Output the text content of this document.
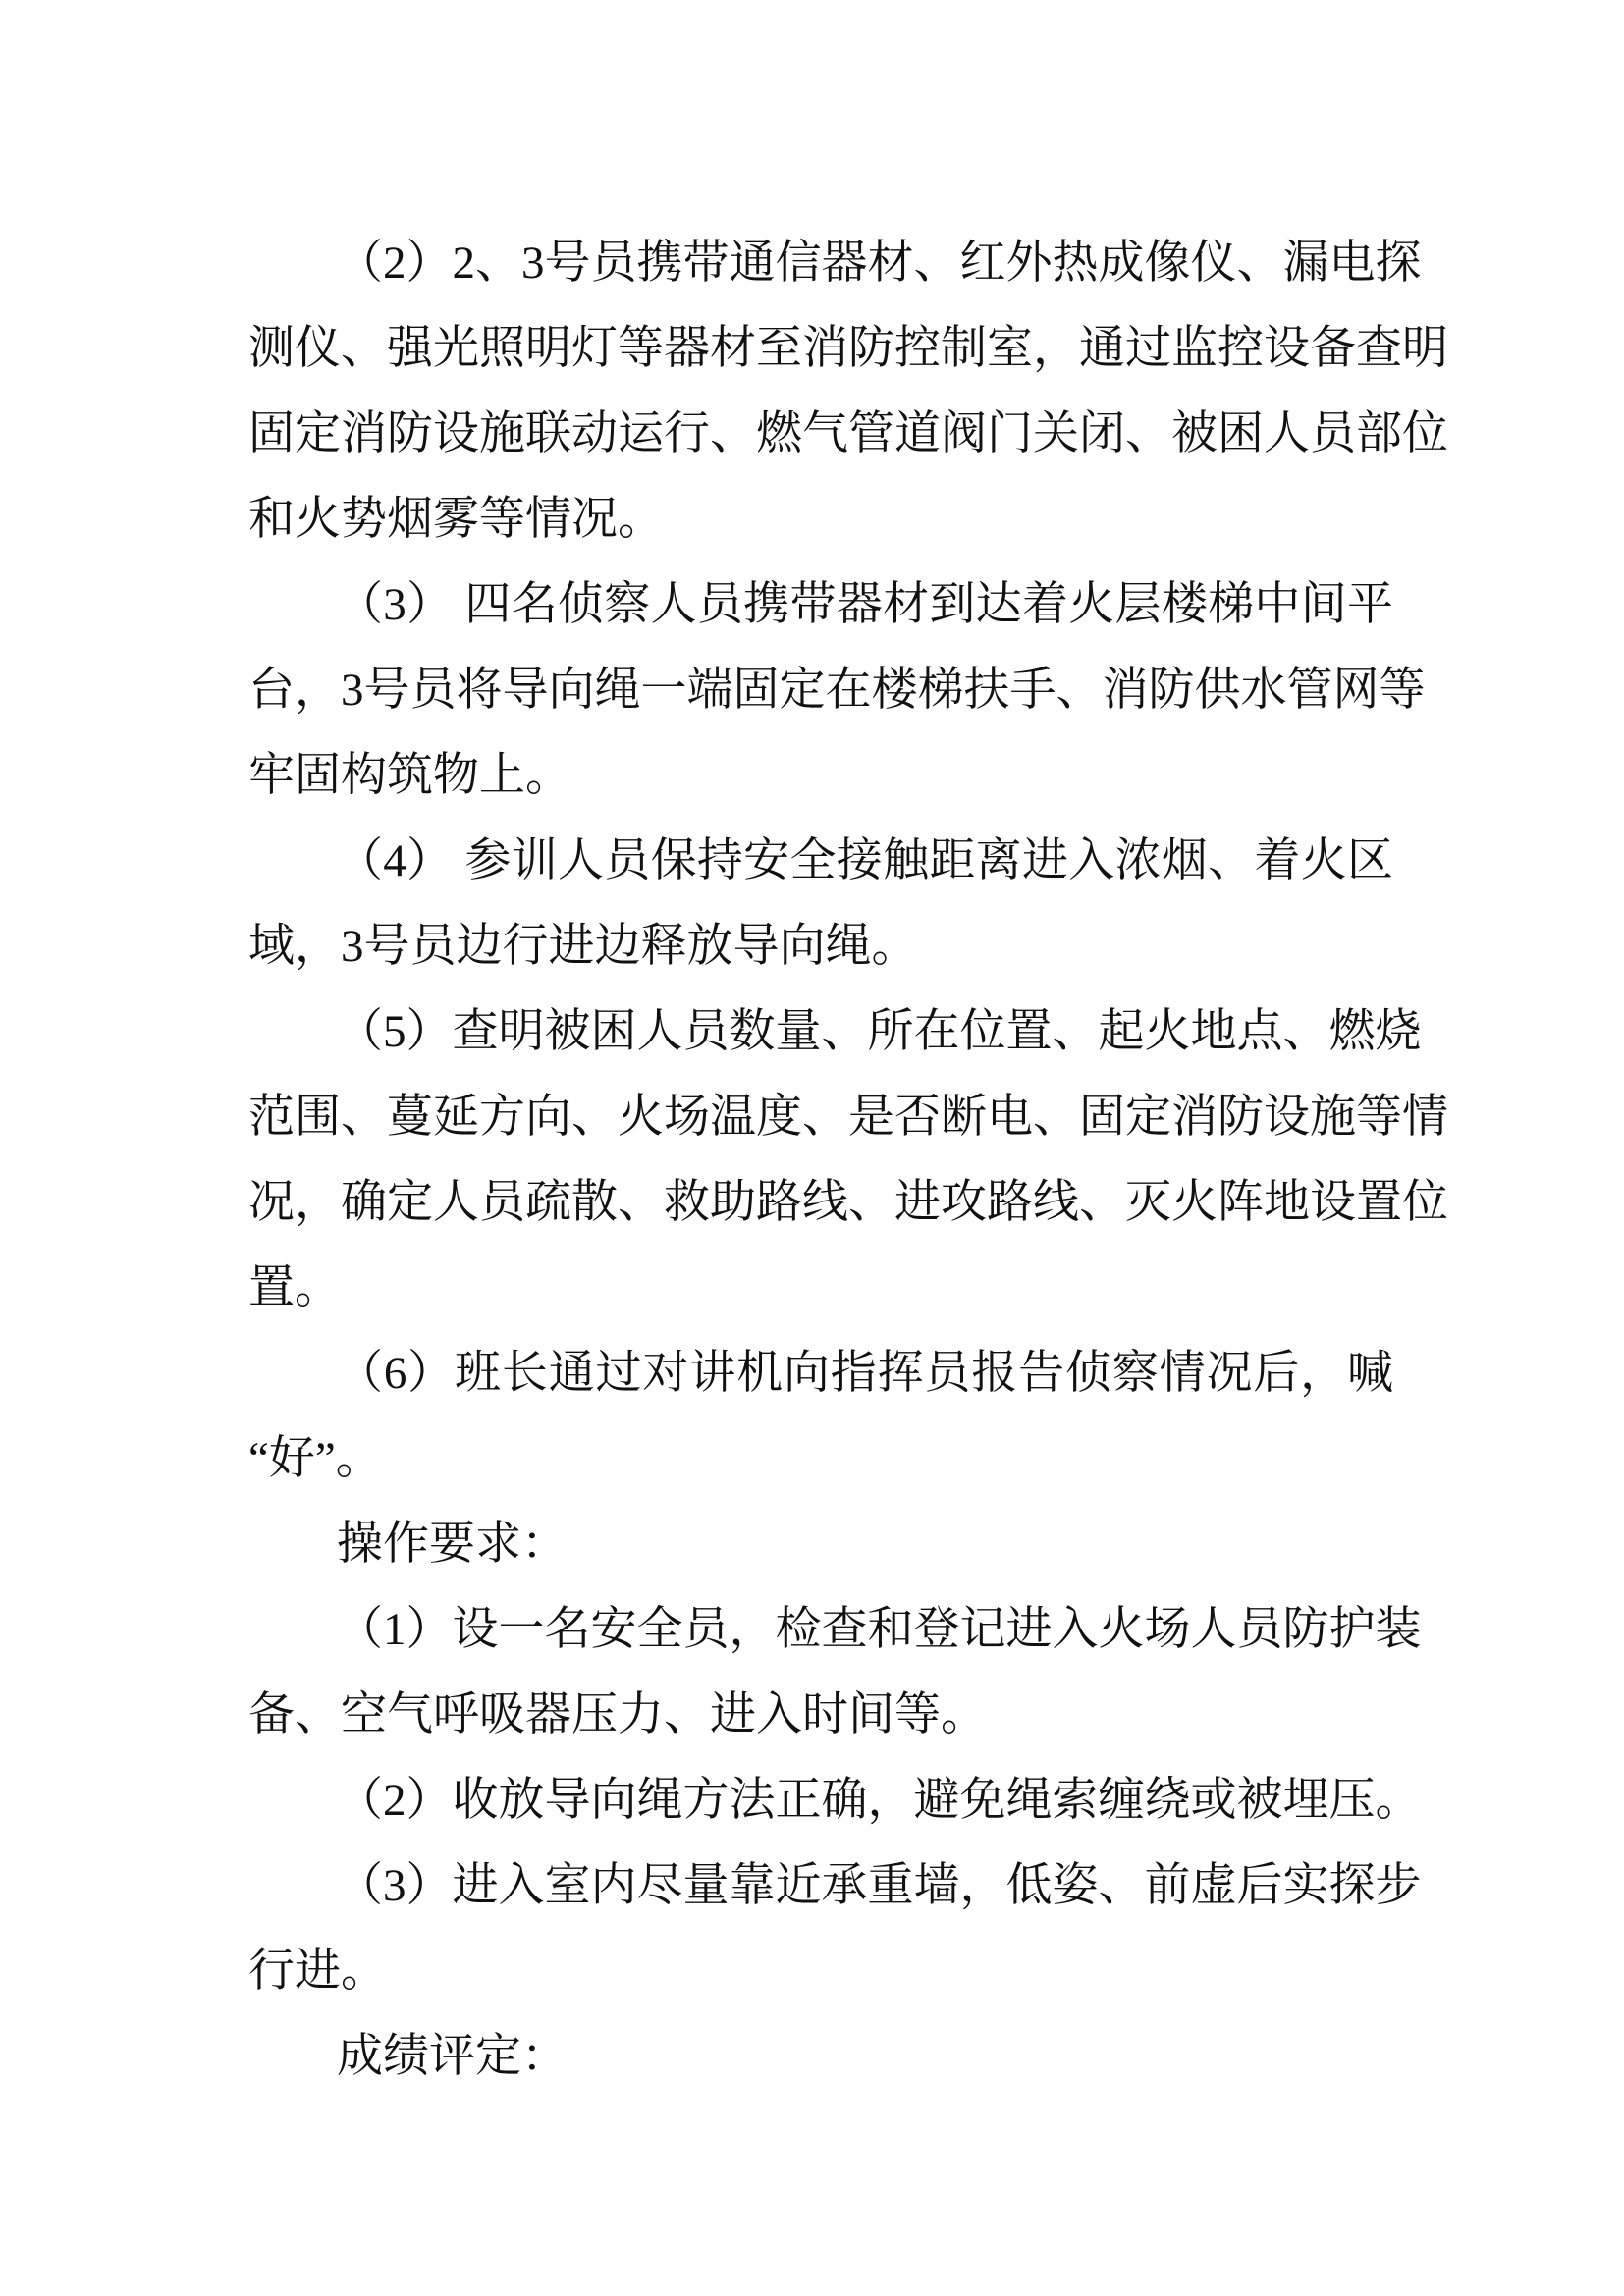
（2）2、3号员携带通信器材、红外热成像仪、漏电探
测仪、强光照明灯等器材至消防控制室，通过监控设备查明
固定消防设施联动运行、燃气管道阀门关闭、被困人员部位
和火势烟雾等情况。
（3） 四名侦察人员携带器材到达着火层楼梯中间平
台，3号员将导向绳一端固定在楼梯扶手、消防供水管网等
牢固构筑物上。
（4） 参训人员保持安全接触距离进入浓烟、着火区
域，3号员边行进边释放导向绳。
（5）查明被困人员数量、所在位置、起火地点、燃烧
范围、蔓延方向、火场温度、是否断电、固定消防设施等情
况，确定人员疏散、救助路线、进攻路线、灭火阵地设置位
置。
（6）班长通过对讲机向指挥员报告侦察情况后，喊
“好”。
操作要求：
（1）设一名安全员，检查和登记进入火场人员防护装
备、空气呼吸器压力、进入时间等。
（2）收放导向绳方法正确，避免绳索缠绕或被埋压。
（3）进入室内尽量靠近承重墙，低姿、前虚后实探步
行进。
成绩评定：
